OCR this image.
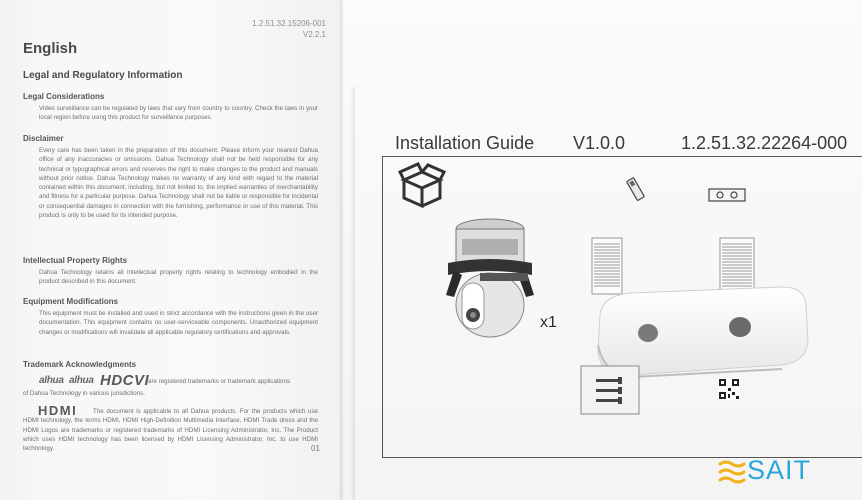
1.2.51.32.15206-001
V2.2.1
English
Legal and Regulatory Information
Legal Considerations
Video surveillance can be regulated by laws that vary from country to country. Check the laws in your local region before using this product for surveillance purposes.
Disclaimer
Every care has been taken in the preparation of this document. Please inform your nearest Dahua office of any inaccuracies or omissions. Dahua Technology shall not be held responsible for any technical or typographical errors and reserves the right to make changes to the product and manuals without prior notice. Dahua Technology makes no warranty of any kind with regard to the material contained within this document, including, but not limited to, the implied warranties of merchantability and fitness for a particular purpose. Dahua Technology shall not be liable or responsible for incidental or consequential damages in connection with the furnishing, performance or use of this material. This product is only to be used for its intended purpose.
Intellectual Property Rights
Dahua Technology retains all intellectual property rights relating to technology embodied in the product described in this document.
Equipment Modifications
This equipment must be installed and used in strict accordance with the instructions given in the user documentation. This equipment contains no user-serviceable components. Unauthorized equipment changes or modifications will invalidate all applicable regulatory certifications and approvals.
Trademark Acknowledgments
alhua alhua HDCVI
are registered trademarks or trademark applications
of Dahua Technology in various jurisdictions.
HDMI	The document is applicable to all Dahua products. For the products which use HDMI technology, the terms HDMI, HDMI High-Definition Multimedia Interface, HDMI Trade dress and the HDMI Logos are trademarks or registered trademarks of HDMI Licensing Administrator, Inc. The Product which uses HDMI technology has been licensed by HDMI Licensing Administrator, Inc. to use HDMI technology.	01
Installation Guide V1.0.0	1.2.51.32.22264-000
x1
SAIT
